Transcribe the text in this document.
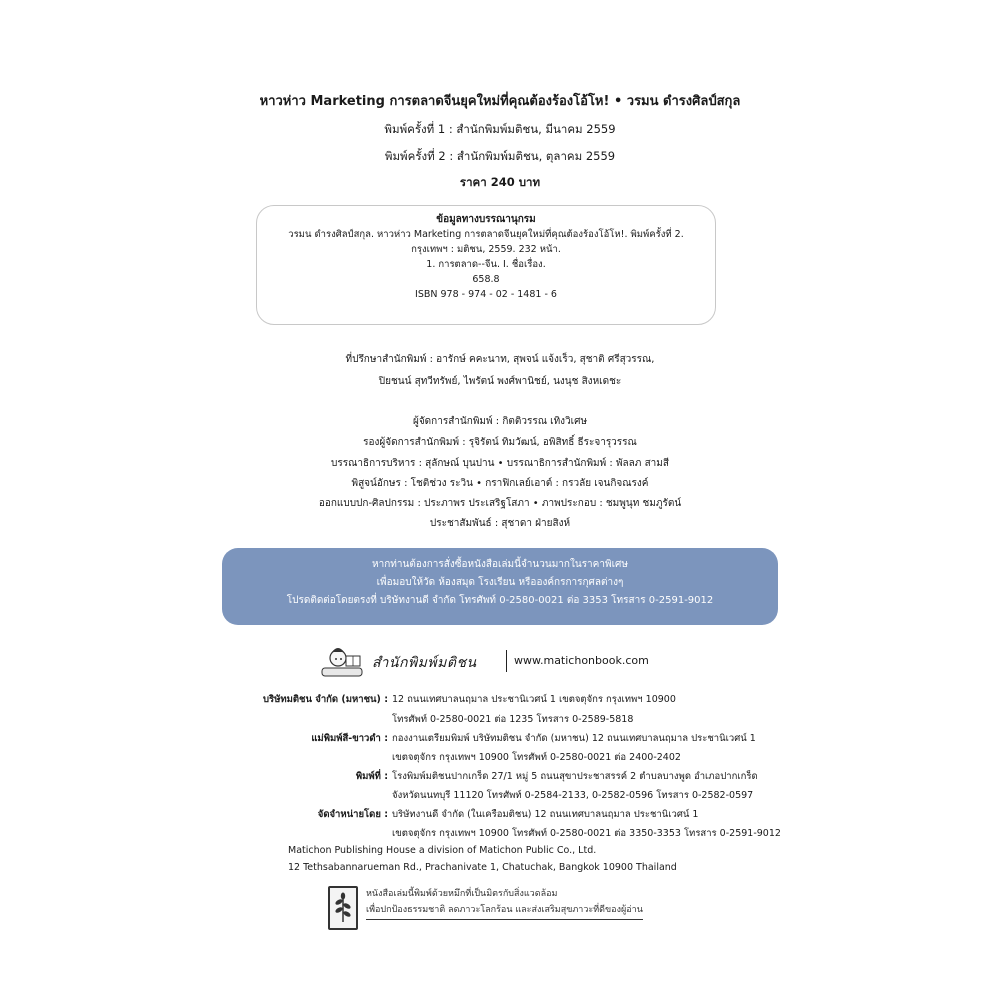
หาวห่าว Marketing การตลาดจีนยุคใหม่ที่คุณต้องร้องโอ้โห! • วรมน ดำรงศิลป์สกุล
พิมพ์ครั้งที่ 1 : สำนักพิมพ์มติชน, มีนาคม 2559
พิมพ์ครั้งที่ 2 : สำนักพิมพ์มติชน, ตุลาคม 2559
ราคา 240 บาท
ข้อมูลทางบรรณานุกรม
วรมน ดำรงศิลป์สกุล. หาวห่าว Marketing การตลาดจีนยุคใหม่ที่คุณต้องร้องโอ้โห!. พิมพ์ครั้งที่ 2.
กรุงเทพฯ : มติชน, 2559. 232 หน้า.
1. การตลาด--จีน. I. ชื่อเรื่อง.
658.8
ISBN 978 - 974 - 02 - 1481 - 6
ที่ปรึกษาสำนักพิมพ์ : อารักษ์ คคะนาท, สุพจน์ แจ้งเร็ว, สุชาติ ศรีสุวรรณ,
ปิยชนน์ สุทวีทรัพย์, ไพรัตน์ พงศ์พานิชย์, นงนุช สิงหเดชะ
ผู้จัดการสำนักพิมพ์ : กิตติวรรณ เทิงวิเศษ
รองผู้จัดการสำนักพิมพ์ : รุจิรัตน์ ทิมวัฒน์, อพิสิทธิ์ ธีระจารุวรรณ
บรรณาธิการบริหาร : สุลักษณ์ บุนปาน • บรรณาธิการสำนักพิมพ์ : พัลลภ สามสี
พิสูจน์อักษร : โชติช่วง ระวิน • กราฟิกเลย์เอาต์ : กรวลัย เจนกิจณรงค์
ออกแบบปก-ศิลปกรรม : ประภาพร ประเสริฐโสภา • ภาพประกอบ : ชมพูนุท ชมภูรัตน์
ประชาสัมพันธ์ : สุชาดา ฝ่ายสิงห์
หากท่านต้องการสั่งซื้อหนังสือเล่มนี้จำนวนมากในราคาพิเศษ
เพื่อมอบให้วัด ห้องสมุด โรงเรียน หรือองค์กรการกุศลต่างๆ
โปรดติดต่อโดยตรงที่ บริษัทงานดี จำกัด โทรศัพท์ 0-2580-0021 ต่อ 3353 โทรสาร 0-2591-9012
สำนักพิมพ์มติชน	www.matichonbook.com
บริษัทมติชน จำกัด (มหาชน) : 12 ถนนเทศบาลนฤมาล ประชานิเวศน์ 1 เขตจตุจักร กรุงเทพฯ 10900
โทรศัพท์ 0-2580-0021 ต่อ 1235 โทรสาร 0-2589-5818
แม่พิมพ์สี-ขาวดำ : กองงานเตรียมพิมพ์ บริษัทมติชน จำกัด (มหาชน) 12 ถนนเทศบาลนฤมาล ประชานิเวศน์ 1
เขตจตุจักร กรุงเทพฯ 10900 โทรศัพท์ 0-2580-0021 ต่อ 2400-2402
พิมพ์ที่ : โรงพิมพ์มติชนปากเกร็ด 27/1 หมู่ 5 ถนนสุขาประชาสรรค์ 2 ตำบลบางพูด อำเภอปากเกร็ด
จังหวัดนนทบุรี 11120 โทรศัพท์ 0-2584-2133, 0-2582-0596 โทรสาร 0-2582-0597
จัดจำหน่ายโดย : บริษัทงานดี จำกัด (ในเครือมติชน) 12 ถนนเทศบาลนฤมาล ประชานิเวศน์ 1
เขตจตุจักร กรุงเทพฯ 10900 โทรศัพท์ 0-2580-0021 ต่อ 3350-3353 โทรสาร 0-2591-9012
Matichon Publishing House a division of Matichon Public Co., Ltd.
12 Tethsabannarueman Rd., Prachanivate 1, Chatuchak, Bangkok 10900 Thailand
หนังสือเล่มนี้พิมพ์ด้วยหมึกที่เป็นมิตรกับสิ่งแวดล้อม
เพื่อปกป้องธรรมชาติ ลดภาวะโลกร้อน และส่งเสริมสุขภาวะที่ดีของผู้อ่าน
